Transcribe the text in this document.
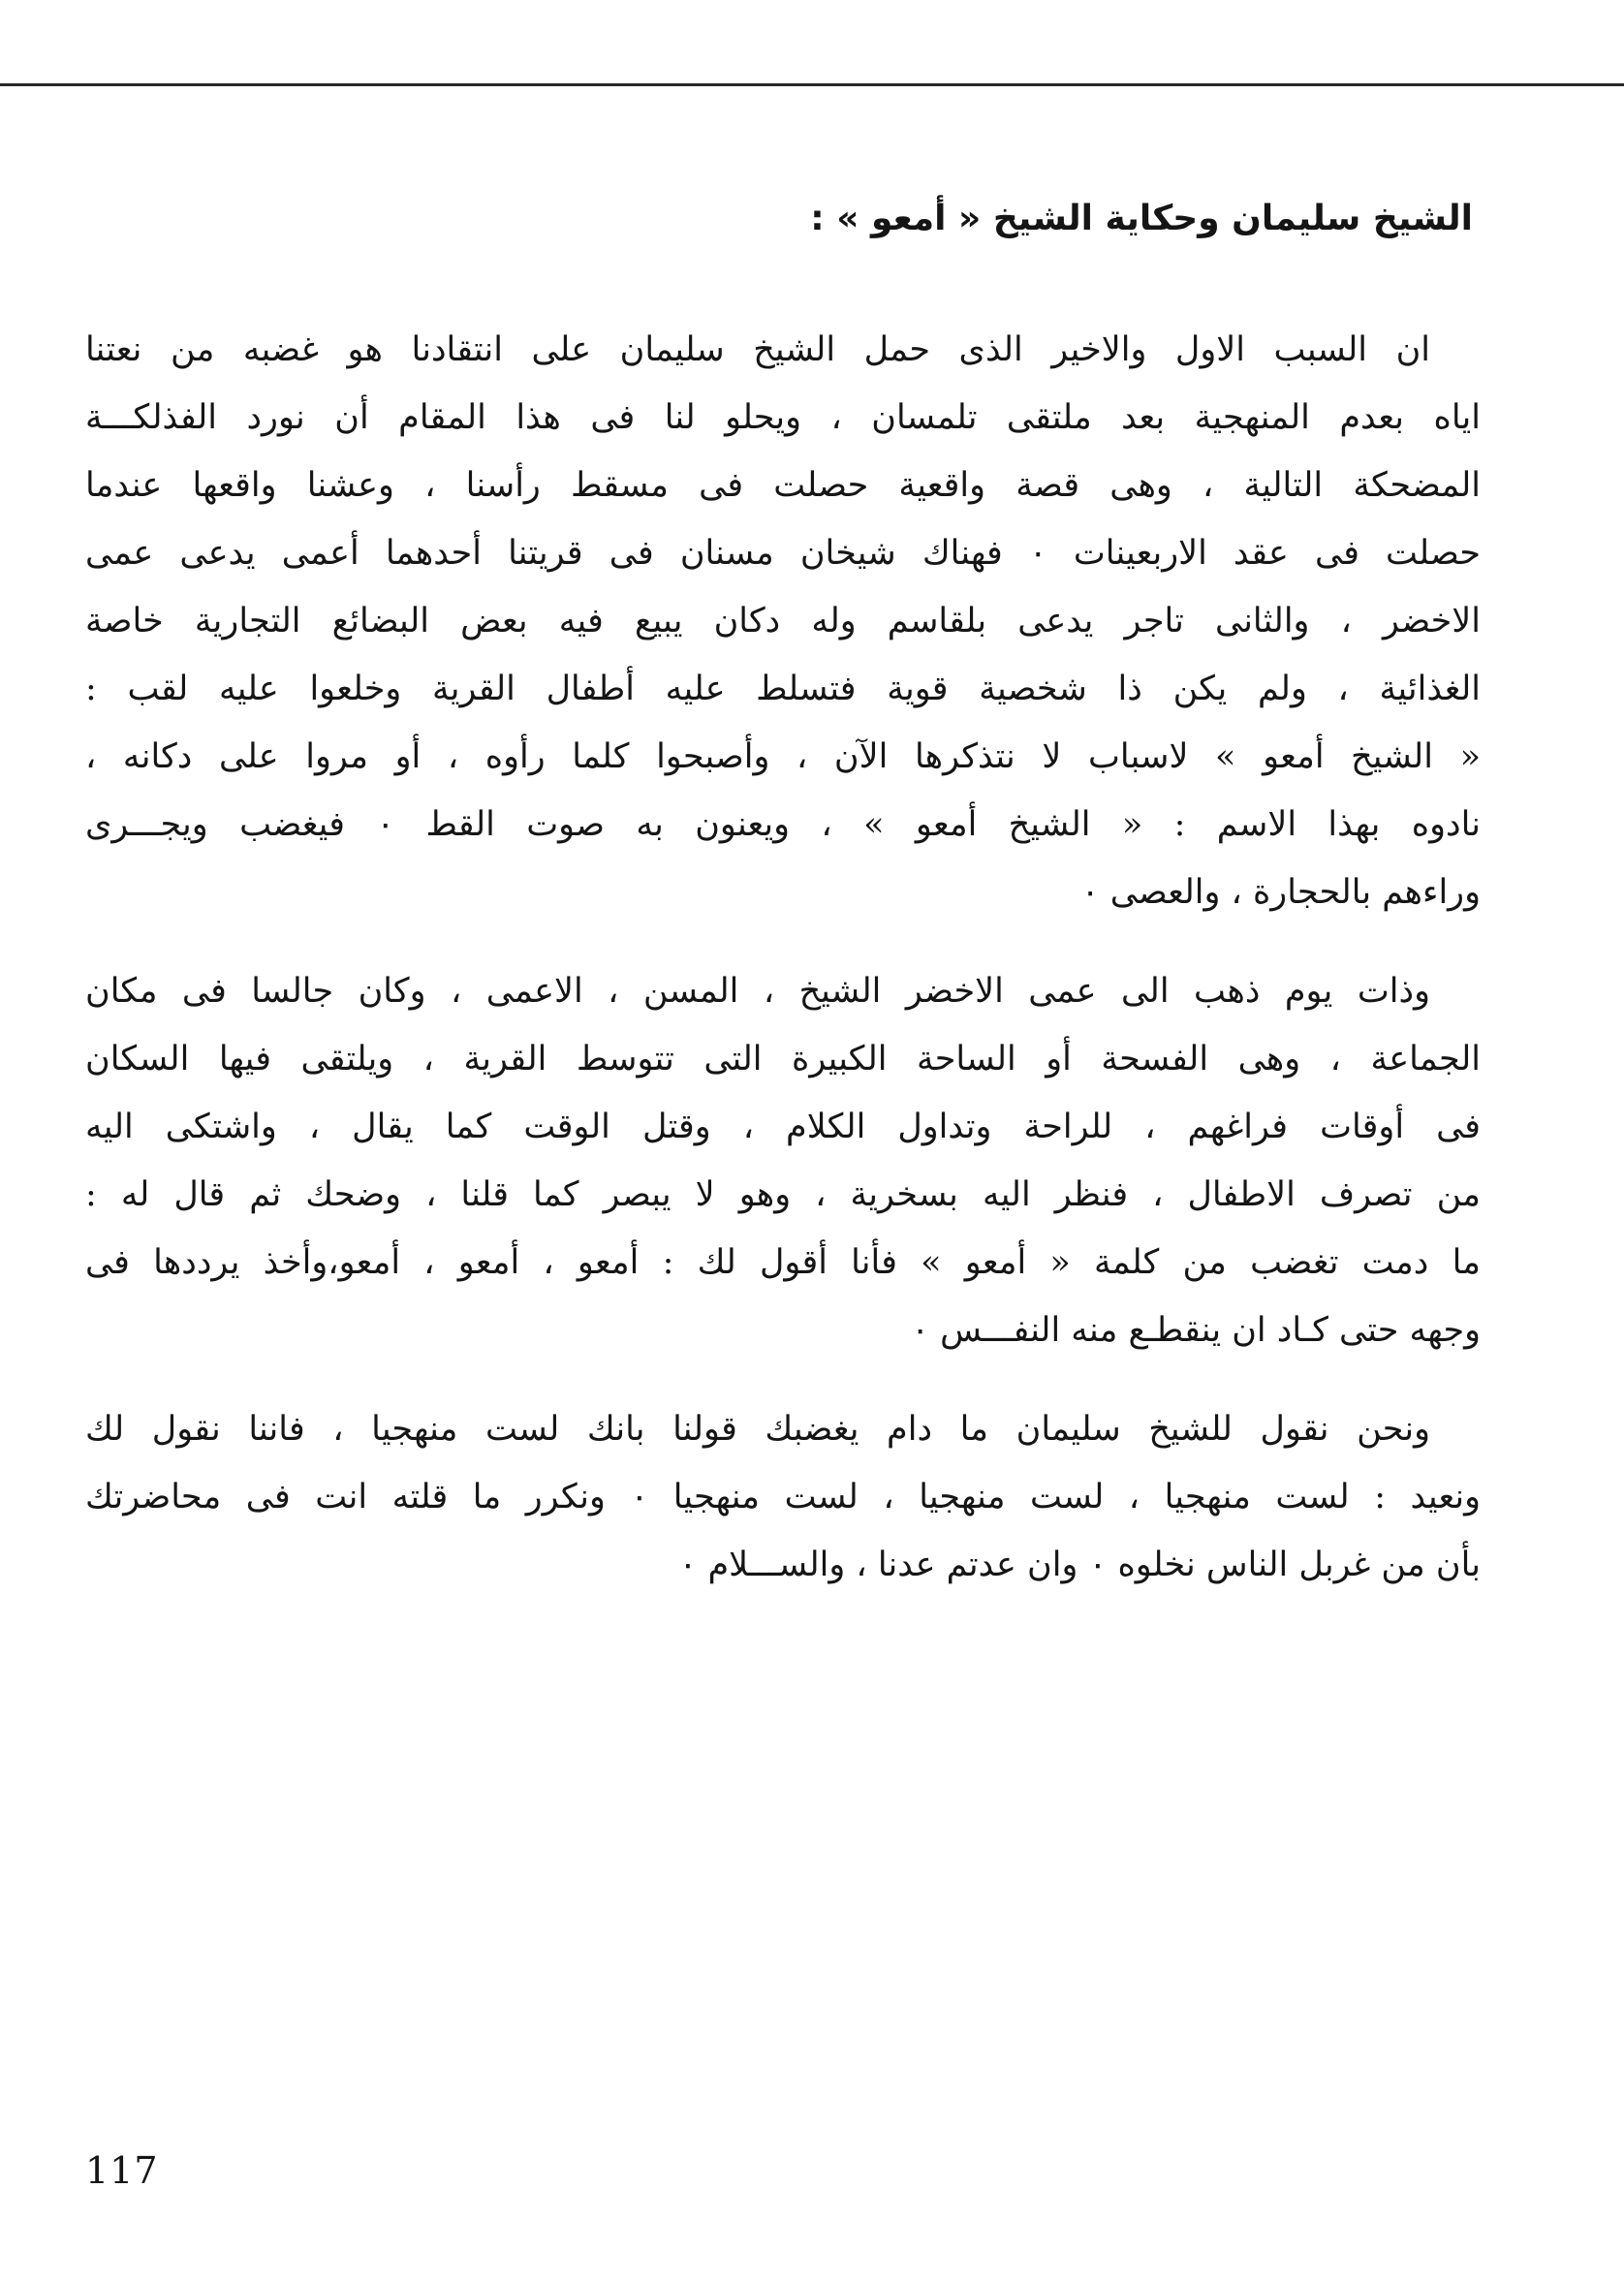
الشيخ سليمان وحكاية الشيخ « أمعو » :
ان السبب الاول والاخير الذى حمل الشيخ سليمان على انتقادنا هو غضبه من نعتنا
اياه بعدم المنهجية بعد ملتقى تلمسان ، ويحلو لنا فى هذا المقام أن نورد الفذلكـــة
المضحكة التالية ، وهى قصة واقعية حصلت فى مسقط رأسنا ، وعشنا واقعها عندما
حصلت فى عقد الاربعينات ٠ فهناك شيخان مسنان فى قريتنا أحدهما أعمى يدعى عمى
الاخضر ، والثانى تاجر يدعى بلقاسم وله دكان يبيع فيه بعض البضائع التجارية خاصة
الغذائية ، ولم يكن ذا شخصية قوية فتسلط عليه أطفال القرية وخلعوا عليه لقب :
« الشيخ أمعو » لاسباب لا نتذكرها الآن ، وأصبحوا كلما رأوه ، أو مروا على دكانه ،
نادوه بهذا الاسم : « الشيخ أمعو » ، ويعنون به صوت القط ٠ فيغضب ويجـــرى
وراءهم بالحجارة ، والعصى ٠
وذات يوم ذهب الى عمى الاخضر الشيخ ، المسن ، الاعمى ، وكان جالسا فى مكان
الجماعة ، وهى الفسحة أو الساحة الكبيرة التى تتوسط القرية ، ويلتقى فيها السكان
فى أوقات فراغهم ، للراحة وتداول الكلام ، وقتل الوقت كما يقال ، واشتكى اليه
من تصرف الاطفال ، فنظر اليه بسخرية ، وهو لا يبصر كما قلنا ، وضحك ثم قال له :
ما دمت تغضب من كلمة « أمعو » فأنا أقول لك : أمعو ، أمعو ، أمعو،وأخذ يرددها فى
وجهه حتى كـاد ان ينقطـع منه النفـــس ٠
ونحن نقول للشيخ سليمان ما دام يغضبك قولنا بانك لست منهجيا ، فاننا نقول لك
ونعيد : لست منهجيا ، لست منهجيا ، لست منهجيا ٠ ونكرر ما قلته انت فى محاضرتك
بأن من غربل الناس نخلوه ٠ وان عدتم عدنا ، والســـلام ٠
117
